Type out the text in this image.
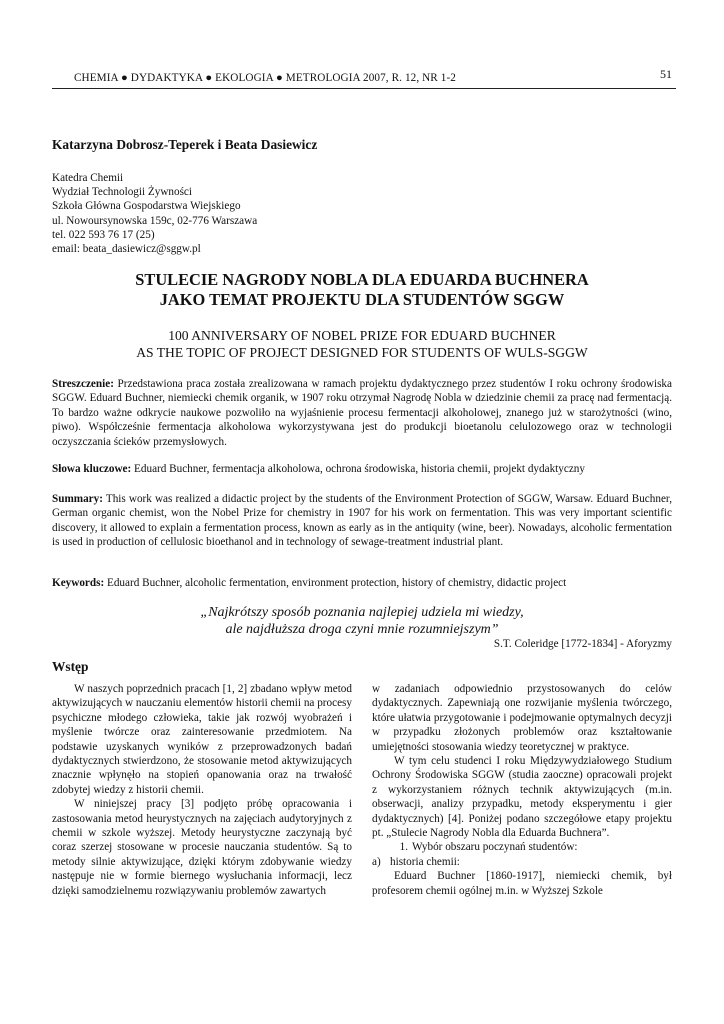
CHEMIA ● DYDAKTYKA ● EKOLOGIA ● METROLOGIA 2007, R. 12, NR 1-2	51
Katarzyna Dobrosz-Teperek i Beata Dasiewicz
Katedra Chemii
Wydział Technologii Żywności
Szkoła Główna Gospodarstwa Wiejskiego
ul. Nowoursynowska 159c, 02-776 Warszawa
tel. 022 593 76 17 (25)
email: beata_dasiewicz@sggw.pl
STULECIE NAGRODY NOBLA DLA EDUARDA BUCHNERA
JAKO TEMAT PROJEKTU DLA STUDENTÓW SGGW
100 ANNIVERSARY OF NOBEL PRIZE FOR EDUARD BUCHNER
AS THE TOPIC OF PROJECT DESIGNED FOR STUDENTS OF WULS-SGGW
Streszczenie: Przedstawiona praca została zrealizowana w ramach projektu dydaktycznego przez studentów I roku ochrony środowiska SGGW. Eduard Buchner, niemiecki chemik organik, w 1907 roku otrzymał Nagrodę Nobla w dziedzinie chemii za pracę nad fermentacją. To bardzo ważne odkrycie naukowe pozwoliło na wyjaśnienie procesu fermentacji alkoholowej, znanego już w starożytności (wino, piwo). Współcześnie fermentacja alkoholowa wykorzystywana jest do produkcji bioetanolu celulozowego oraz w technologii oczyszczania ścieków przemysłowych.
Słowa kluczowe: Eduard Buchner, fermentacja alkoholowa, ochrona środowiska, historia chemii, projekt dydaktyczny
Summary: This work was realized a didactic project by the students of the Environment Protection of SGGW, Warsaw. Eduard Buchner, German organic chemist, won the Nobel Prize for chemistry in 1907 for his work on fermentation. This was very important scientific discovery, it allowed to explain a fermentation process, known as early as in the antiquity (wine, beer). Nowadays, alcoholic fermentation is used in production of cellulosic bioethanol and in technology of sewage-treatment industrial plant.
Keywords: Eduard Buchner, alcoholic fermentation, environment protection, history of chemistry, didactic project
„Najkrótszy sposób poznania najlepiej udziela mi wiedzy,
ale najdłuższa droga czyni mnie rozumniejszym”
S.T. Coleridge [1772-1834] - Aforyzmy
Wstęp

W naszych poprzednich pracach [1, 2] zbadano wpływ metod aktywizujących w nauczaniu elementów historii chemii na procesy psychiczne młodego człowieka, takie jak rozwój wyobrażeń i myślenie twórcze oraz zainteresowanie przedmiotem. Na podstawie uzyskanych wyników z przeprowadzonych badań dydaktycznych stwierdzono, że stosowanie metod aktywizujących znacznie wpłynęło na stopień opanowania oraz na trwałość zdobytej wiedzy z historii chemii.

W niniejszej pracy [3] podjęto próbę opracowania i zastosowania metod heurystycznych na zajęciach audytoryjnych z chemii w szkole wyższej. Metody heurystyczne zaczynają być coraz szerzej stosowane w procesie nauczania studentów. Są to metody silnie aktywizujące, dzięki którym zdobywanie wiedzy następuje nie w formie biernego wysłuchania informacji, lecz dzięki samodzielnemu rozwiązywaniu problemów zawartych

w zadaniach odpowiednio przystosowanych do celów dydaktycznych. Zapewniają one rozwijanie myślenia twórczego, które ułatwia przygotowanie i podejmowanie optymalnych decyzji w przypadku złożonych problemów oraz kształtowanie umiejętności stosowania wiedzy teoretycznej w praktyce.

W tym celu studenci I roku Międzywydziałowego Studium Ochrony Środowiska SGGW (studia zaoczne) opracowali projekt z wykorzystaniem różnych technik aktywizujących (m.in. obserwacji, analizy przypadku, metody eksperymentu i gier dydaktycznych) [4]. Poniżej podano szczegółowe etapy projektu pt. „Stulecie Nagrody Nobla dla Eduarda Buchnera”.

1. Wybór obszaru poczynań studentów:
a) historia chemii:

Eduard Buchner [1860-1917], niemiecki chemik, był profesorem chemii ogólnej m.in. w Wyższej Szkole
